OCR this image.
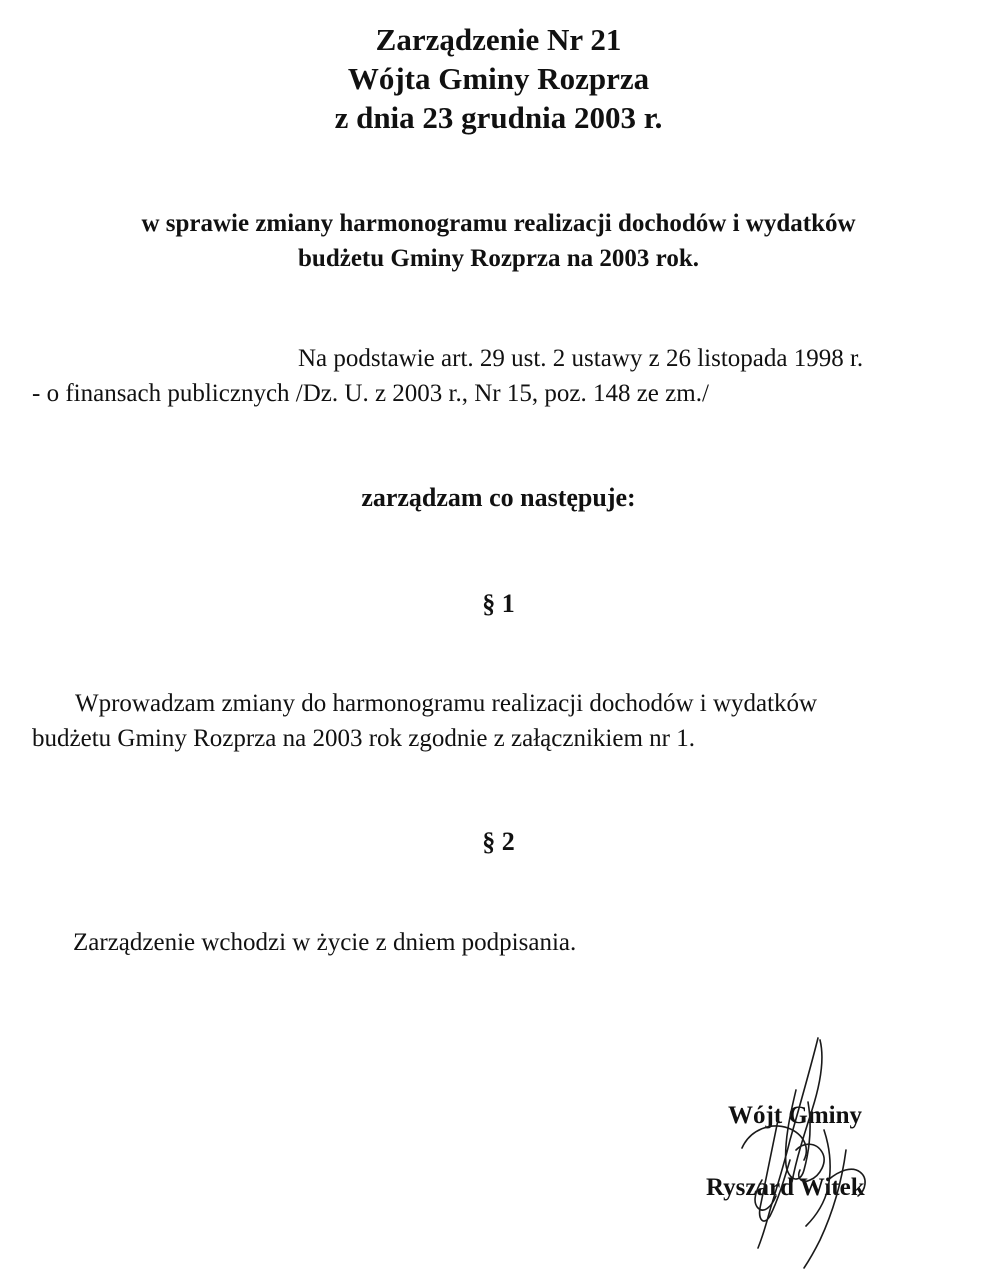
Zarządzenie Nr 21
Wójta Gminy Rozprza
z dnia 23 grudnia 2003 r.
w sprawie zmiany harmonogramu realizacji dochodów i wydatków
budżetu Gminy Rozprza na 2003 rok.
Na podstawie art. 29 ust. 2 ustawy z 26 listopada 1998 r.
- o finansach publicznych /Dz. U. z 2003 r., Nr 15, poz. 148 ze zm./
zarządzam co następuje:
§ 1
Wprowadzam zmiany do harmonogramu realizacji dochodów i wydatków
budżetu Gminy Rozprza na 2003 rok zgodnie z załącznikiem nr 1.
§ 2
Zarządzenie wchodzi w życie z dniem podpisania.
Wójt Gminy
Ryszard Witek
